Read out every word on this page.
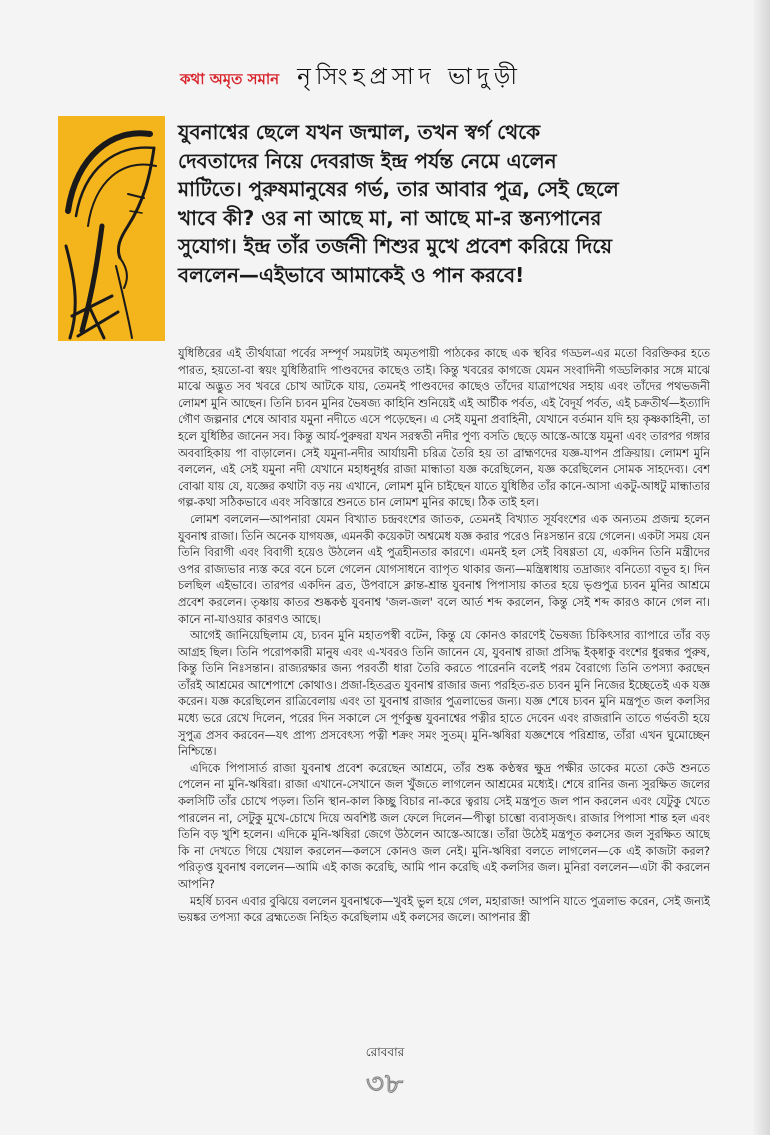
কথা অমৃত সমান নৃসিংহপ্রসাদ ভাদুড়ী
যুবনাশ্বের ছেলে যখন জন্মাল, তখন স্বর্গ থেকে
দেবতাদের নিয়ে দেবরাজ ইন্দ্র পর্যন্ত নেমে এলেন
মাটিতে। পুরুষমানুষের গর্ভ, তার আবার পুত্র, সেই ছেলে
খাবে কী? ওর না আছে মা, না আছে মা-র স্তন্যপানের
সুযোগ। ইন্দ্র তাঁর তর্জনী শিশুর মুখে প্রবেশ করিয়ে দিয়ে
বললেন—এইভাবে আমাকেই ও পান করবে!

যুধিষ্ঠিরের এই তীর্থযাত্রা পর্বের সম্পূর্ণ সময়টাই অমৃতপায়ী পাঠকের কাছে এক স্থবির গড্ডল-এর মতো বিরক্তিকর হতে পারত, হয়তো-বা স্বয়ং যুধিষ্ঠিরাদি পাণ্ডবদের কাছেও তাই। কিন্তু খবরের কাগজে যেমন সংবাদিনী গড্ডলিকার সঙ্গে মাঝে মাঝে অদ্ভুত সব খবরে চোখ আটকে যায়, তেমনই পাণ্ডবদের কাছেও তাঁদের যাত্রাপথের সহায় এবং তাঁদের পথভজনী লোমশ মুনি আছেন। তিনি চ্যবন মুনির ভৈষজ্য কাহিনি শুনিয়েই এই আর্চীক পর্বত, এই বৈদূর্য পর্বত, এই চক্রতীর্থ—ইত্যাদি গৌণ জল্পনার শেষে আবার যমুনা নদীতে এসে পড়েছেন। এ সেই যমুনা প্রবাহিনী, যেখানে বর্তমান যদি হয় কৃষ্ণকাহিনী, তা হলে যুধিষ্ঠির জানেন সব। কিন্তু আর্য-পুরুষরা যখন সরস্বতী নদীর পুণ্য বসতি ছেড়ে আস্তে-আস্তে যমুনা এবং তারপর গঙ্গার অববাহিকায় পা বাড়ালেন। সেই যমুনা-নদীর আর্যায়নী চরিত্র তৈরি হয় তা ব্রাহ্মণদের যজ্ঞ-যাপন প্রক্রিয়ায়। লোমশ মুনি বললেন, এই সেই যমুনা নদী যেখানে মহাধনুর্ধর রাজা মান্ধাতা যজ্ঞ করেছিলেন, যজ্ঞ করেছিলেন সোমক সাহদেব্য। বেশ বোঝা যায় যে, যজ্ঞের কথাটা বড় নয় এখানে, লোমশ মুনি চাইছেন যাতে যুধিষ্ঠির তাঁর কানে-আসা একটু-আধটু মান্ধাতার গল্প-কথা সঠিকভাবে এবং সবিস্তারে শুনতে চান লোমশ মুনির কাছে। ঠিক তাই হল।

লোমশ বললেন—আপনারা যেমন বিখ্যাত চন্দ্রবংশের জাতক, তেমনই বিখ্যাত সূর্যবংশের এক অন্যতম প্রজন্ম হলেন যুবনাশ্ব রাজা। তিনি অনেক যাগযজ্ঞ, এমনকী কয়েকটা অশ্বমেধ যজ্ঞ করার পরেও নিঃসন্তান রয়ে গেলেন। একটা সময় যেন তিনি বিরাগী এবং বিবাগী হয়েও উঠলেন এই পুত্রহীনতার কারণে। এমনই হল সেই বিষণ্ণতা যে, একদিন তিনি মন্ত্রীদের ওপর রাজ্যভার ন্যস্ত করে বনে চলে গেলেন যোগসাধনে ব্যাপৃত থাকার জন্য—মন্ত্রিষ্বাধায় তদ্রাজ্যং বনিত্যো বভূব হ। দিন চলছিল এইভাবে। তারপর একদিন ব্রত, উপবাসে ক্লান্ত-শ্রান্ত যুবনাশ্ব পিপাসায় কাতর হয়ে ভৃগুপুত্র চ্যবন মুনির আশ্রমে প্রবেশ করলেন। তৃষ্ণায় কাতর শুষ্ককণ্ঠ যুবনাশ্ব 'জল-জল' বলে আর্ত শব্দ করলেন, কিন্তু সেই শব্দ কারও কানে গেল না। কানে না-যাওয়ার কারণও আছে।

আগেই জানিয়েছিলাম যে, চ্যবন মুনি মহাতপস্বী বটেন, কিন্তু যে কোনও কারণেই ভৈষজ্য চিকিৎসার ব্যাপারে তাঁর বড় আগ্রহ ছিল। তিনি পরোপকারী মানুষ এবং এ-খবরও তিনি জানেন যে, যুবনাশ্ব রাজা প্রসিদ্ধ ইক্ষ্বাকু বংশের ধুরন্ধর পুরুষ, কিন্তু তিনি নিঃসন্তান। রাজ্যরক্ষার জন্য পরবর্তী ধারা তৈরি করতে পারেননি বলেই পরম বৈরাগ্যে তিনি তপস্যা করছেন তাঁরই আশ্রমের আশেপাশে কোথাও। প্রজা-হিতব্রত যুবনাশ্ব রাজার জন্য পরহিত-রত চ্যবন মুনি নিজের ইচ্ছেতেই এক যজ্ঞ করেন। যজ্ঞ করেছিলেন রাত্রিবেলায় এবং তা যুবনাশ্ব রাজার পুত্রলাভের জন্য। যজ্ঞ শেষে চ্যবন মুনি মন্ত্রপূত জল কলসির মধ্যে ভরে রেখে দিলেন, পরের দিন সকালে সে পূর্ণকুম্ভ যুবনাশ্বের পত্নীর হাতে দেবেন এবং রাজরানি তাতে গর্ভবতী হয়ে সুপুত্র প্রসব করবেন—যৎ প্রাপ্য প্রসবেৎস্য পত্নী শক্রং সমং সুতম্। মুনি-ঋষিরা যজ্ঞশেষে পরিশ্রান্ত, তাঁরা এখন ঘুমোচ্ছেন নিশ্চিন্তে।

এদিকে পিপাসার্ত রাজা যুবনাশ্ব প্রবেশ করেছেন আশ্রমে, তাঁর শুষ্ক কণ্ঠস্বর ক্ষুদ্র পক্ষীর ডাকের মতো কেউ শুনতে পেলেন না মুনি-ঋষিরা। রাজা এখানে-সেখানে জল খুঁজতে লাগলেন আশ্রমের মধ্যেই। শেষে রানির জন্য সুরক্ষিত জলের কলসিটি তাঁর চোখে পড়ল। তিনি স্থান-কাল কিচ্ছু বিচার না-করে ত্বরায় সেই মন্ত্রপূত জল পান করলেন এবং যেটুকু খেতে পারলেন না, সেটুকু মুখে-চোখে দিয়ে অবশিষ্ট জল ফেলে দিলেন—পীত্বা চাম্ভো ব্যবাসৃজৎ। রাজার পিপাসা শান্ত হল এবং তিনি বড় খুশি হলেন। এদিকে মুনি-ঋষিরা জেগে উঠলেন আস্তে-আস্তে। তাঁরা উঠেই মন্ত্রপূত কলসের জল সুরক্ষিত আছে কি না দেখতে গিয়ে খেয়াল করলেন—কলসে কোনও জল নেই। মুনি-ঋষিরা বলতে লাগলেন—কে এই কাজটা করল? পরিতৃপ্ত যুবনাশ্ব বললেন—আমি এই কাজ করেছি, আমি পান করেছি এই কলসির জল। মুনিরা বললেন—এটা কী করলেন আপনি?

মহর্ষি চ্যবন এবার বুঝিয়ে বললেন যুবনাশ্বকে—খুবই ভুল হয়ে গেল, মহারাজ! আপনি যাতে পুত্রলাভ করেন, সেই জন্যই ভয়ঙ্কর তপস্যা করে ব্রহ্মতেজ নিহিত করেছিলাম এই কলসের জলে। আপনার স্ত্রী

রোববার
৩৮
